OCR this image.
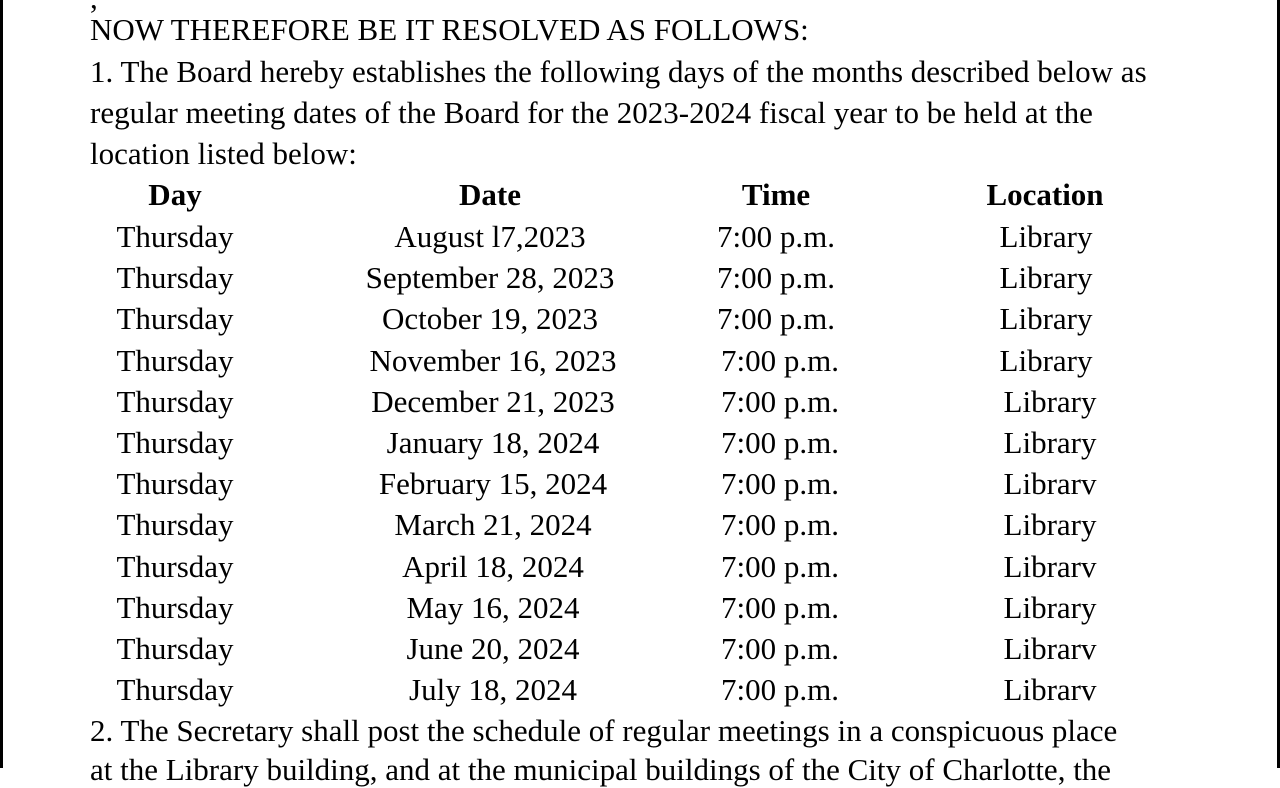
NOW THEREFORE BE IT RESOLVED AS FOLLOWS:
1. The Board hereby establishes the following days of the months described below as
regular meeting dates of the Board for the 2023-2024 fiscal year to be held at the
location listed below:
Day	Date	Time	Location
Thursday	August l7,2023	7:00 p.m.	Library
Thursday	September 28, 2023	7:00 p.m.	Library
Thursday	October 19, 2023	7:00 p.m.	Library
Thursday	November 16, 2023	7:00 p.m.	Library
Thursday	December 21, 2023	7:00 p.m.	Library
Thursday	January 18, 2024	7:00 p.m.	Library
Thursday	February 15, 2024	7:00 p.m.	Librarv
Thursday	March 21, 2024	7:00 p.m.	Library
Thursday	April 18, 2024	7:00 p.m.	Librarv
Thursday	May 16, 2024	7:00 p.m.	Library
Thursday	June 20, 2024	7:00 p.m.	Librarv
Thursday	July 18, 2024	7:00 p.m.	Librarv
2. The Secretary shall post the schedule of regular meetings in a conspicuous place
at the Library building, and at the municipal buildings of the City of Charlotte, the
